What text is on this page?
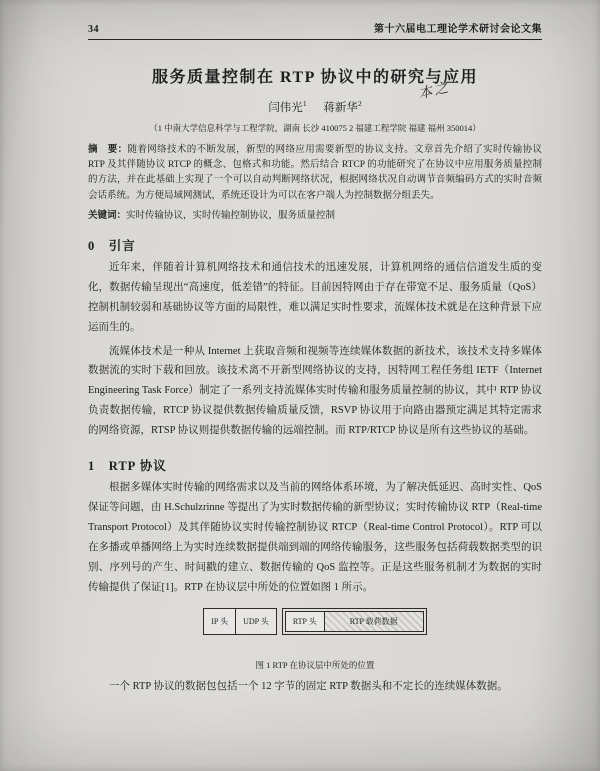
34	第十六届电工理论学术研讨会论文集
服务质量控制在 RTP 协议中的研究与应用
闫伟光$^1$ 蒋新华$^2$
本之
（1 中南大学信息科学与工程学院，湖南 长沙 410075 2 福建工程学院 福建 福州 350014）

摘　要：随着网络技术的不断发展，新型的网络应用需要新型的协议支持。文章首先介绍了实时传输协议 RTP 及其伴随协议 RTCP 的概念、包格式和功能。然后结合 RTCP 的功能研究了在协议中应用服务质量控制的方法，并在此基础上实现了一个可以自动判断网络状况，根据网络状况自动调节音频编码方式的实时音频会话系统。为方便局域网测试，系统还设计为可以在客户端人为控制数据分组丢失。

关键词：实时传输协议，实时传输控制协议，服务质量控制

0　引言

近年来，伴随着计算机网络技术和通信技术的迅速发展，计算机网络的通信信道发生质的变化，数据传输呈现出“高速度，低差错”的特征。目前因特网由于存在带宽不足、服务质量（QoS）控制机制较弱和基础协议等方面的局限性，难以满足实时性要求，流媒体技术就是在这种背景下应运而生的。

流媒体技术是一种从 Internet 上获取音频和视频等连续媒体数据的新技术，该技术支持多媒体数据流的实时下载和回放。该技术离不开新型网络协议的支持，因特网工程任务组 IETF（Internet Engineering Task Force）制定了一系列支持流媒体实时传输和服务质量控制的协议，其中 RTP 协议负责数据传输，RTCP 协议提供数据传输质量反馈，RSVP 协议用于向路由器预定满足其特定需求的网络资源，RTSP 协议则提供数据传输的远端控制。而 RTP/RTCP 协议是所有这些协议的基础。

1　RTP 协议

根据多媒体实时传输的网络需求以及当前的网络体系环境，为了解决低延迟、高时实性、QoS 保证等问题，由 H.Schulzrinne 等提出了为实时数据传输的新型协议；实时传输协议 RTP（Real-time Transport Protocol）及其伴随协议实时传输控制协议 RTCP（Real-time Control Protocol）。RTP 可以在多播或单播网络上为实时连续数据提供端到端的网络传输服务，这些服务包括荷载数据类型的识别、序列号的产生、时间戳的建立、数据传输的 QoS 监控等。正是这些服务机制才为数据的实时传输提供了保证[1]。RTP 在协议层中所处的位置如图 1 所示。

IP 头	UDP 头	RTP 头	RTP 载荷数据
图 1 RTP 在协议层中所处的位置

一个 RTP 协议的数据包包括一个 12 字节的固定 RTP 数据头和不定长的连续媒体数据。
